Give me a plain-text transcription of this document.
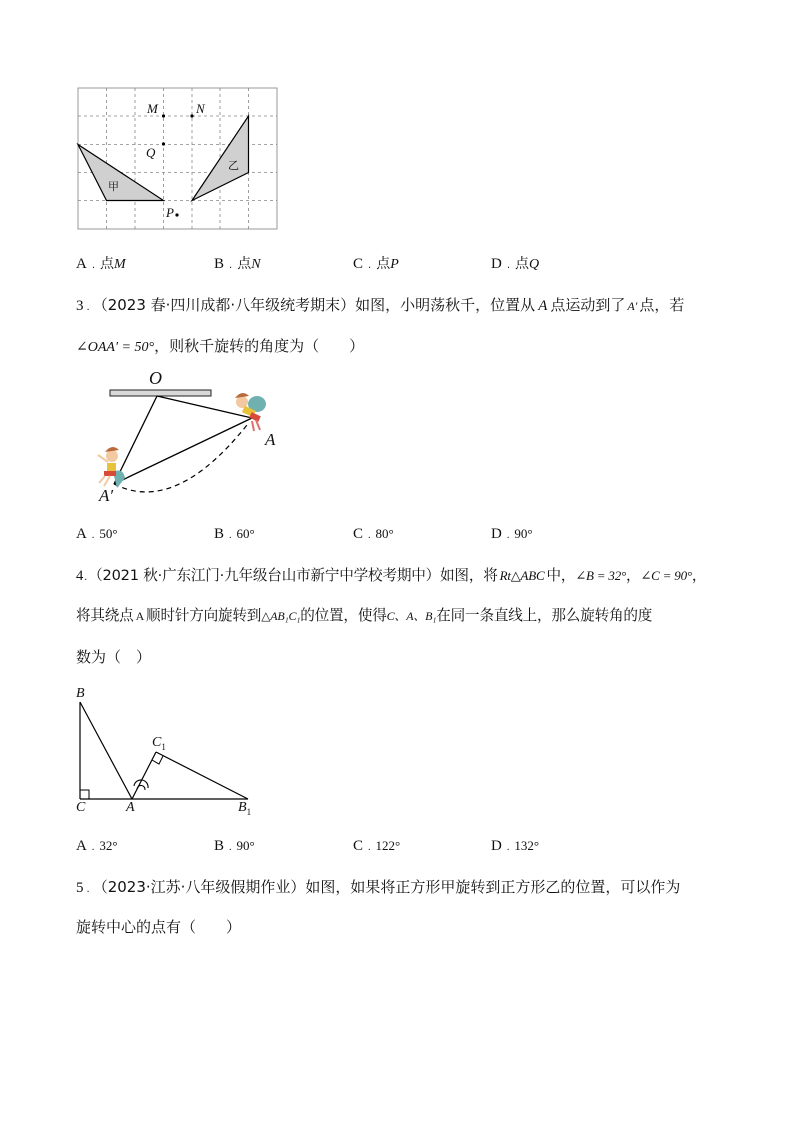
M	N
Q
P
甲
乙
A . 点M	B . 点N	C . 点P	D . 点Q
3 . （2023 春·四川成都·八年级统考期末）如图，小明荡秋千，位置从 A 点运动到了 A′ 点，若
∠OAA′ = 50°，则秋千旋转的角度为（　　）
O
A
A′
A . 50°	B . 60°	C . 80°	D . 90°
4.（2021 秋·广东江门·九年级台山市新宁中学校考期中）如图，将 Rt△ABC 中，∠B = 32°，∠C = 90°，
将其绕点 A 顺时针方向旋转到△AB₁C₁的位置，使得C、A、B₁在同一条直线上，那么旋转角的度
数为（　）
B
C	A
$C_1$
$B_1$
A . 32°	B . 90°	C . 122°	D . 132°
5 . （2023·江苏·八年级假期作业）如图，如果将正方形甲旋转到正方形乙的位置，可以作为
旋转中心的点有（　　）
